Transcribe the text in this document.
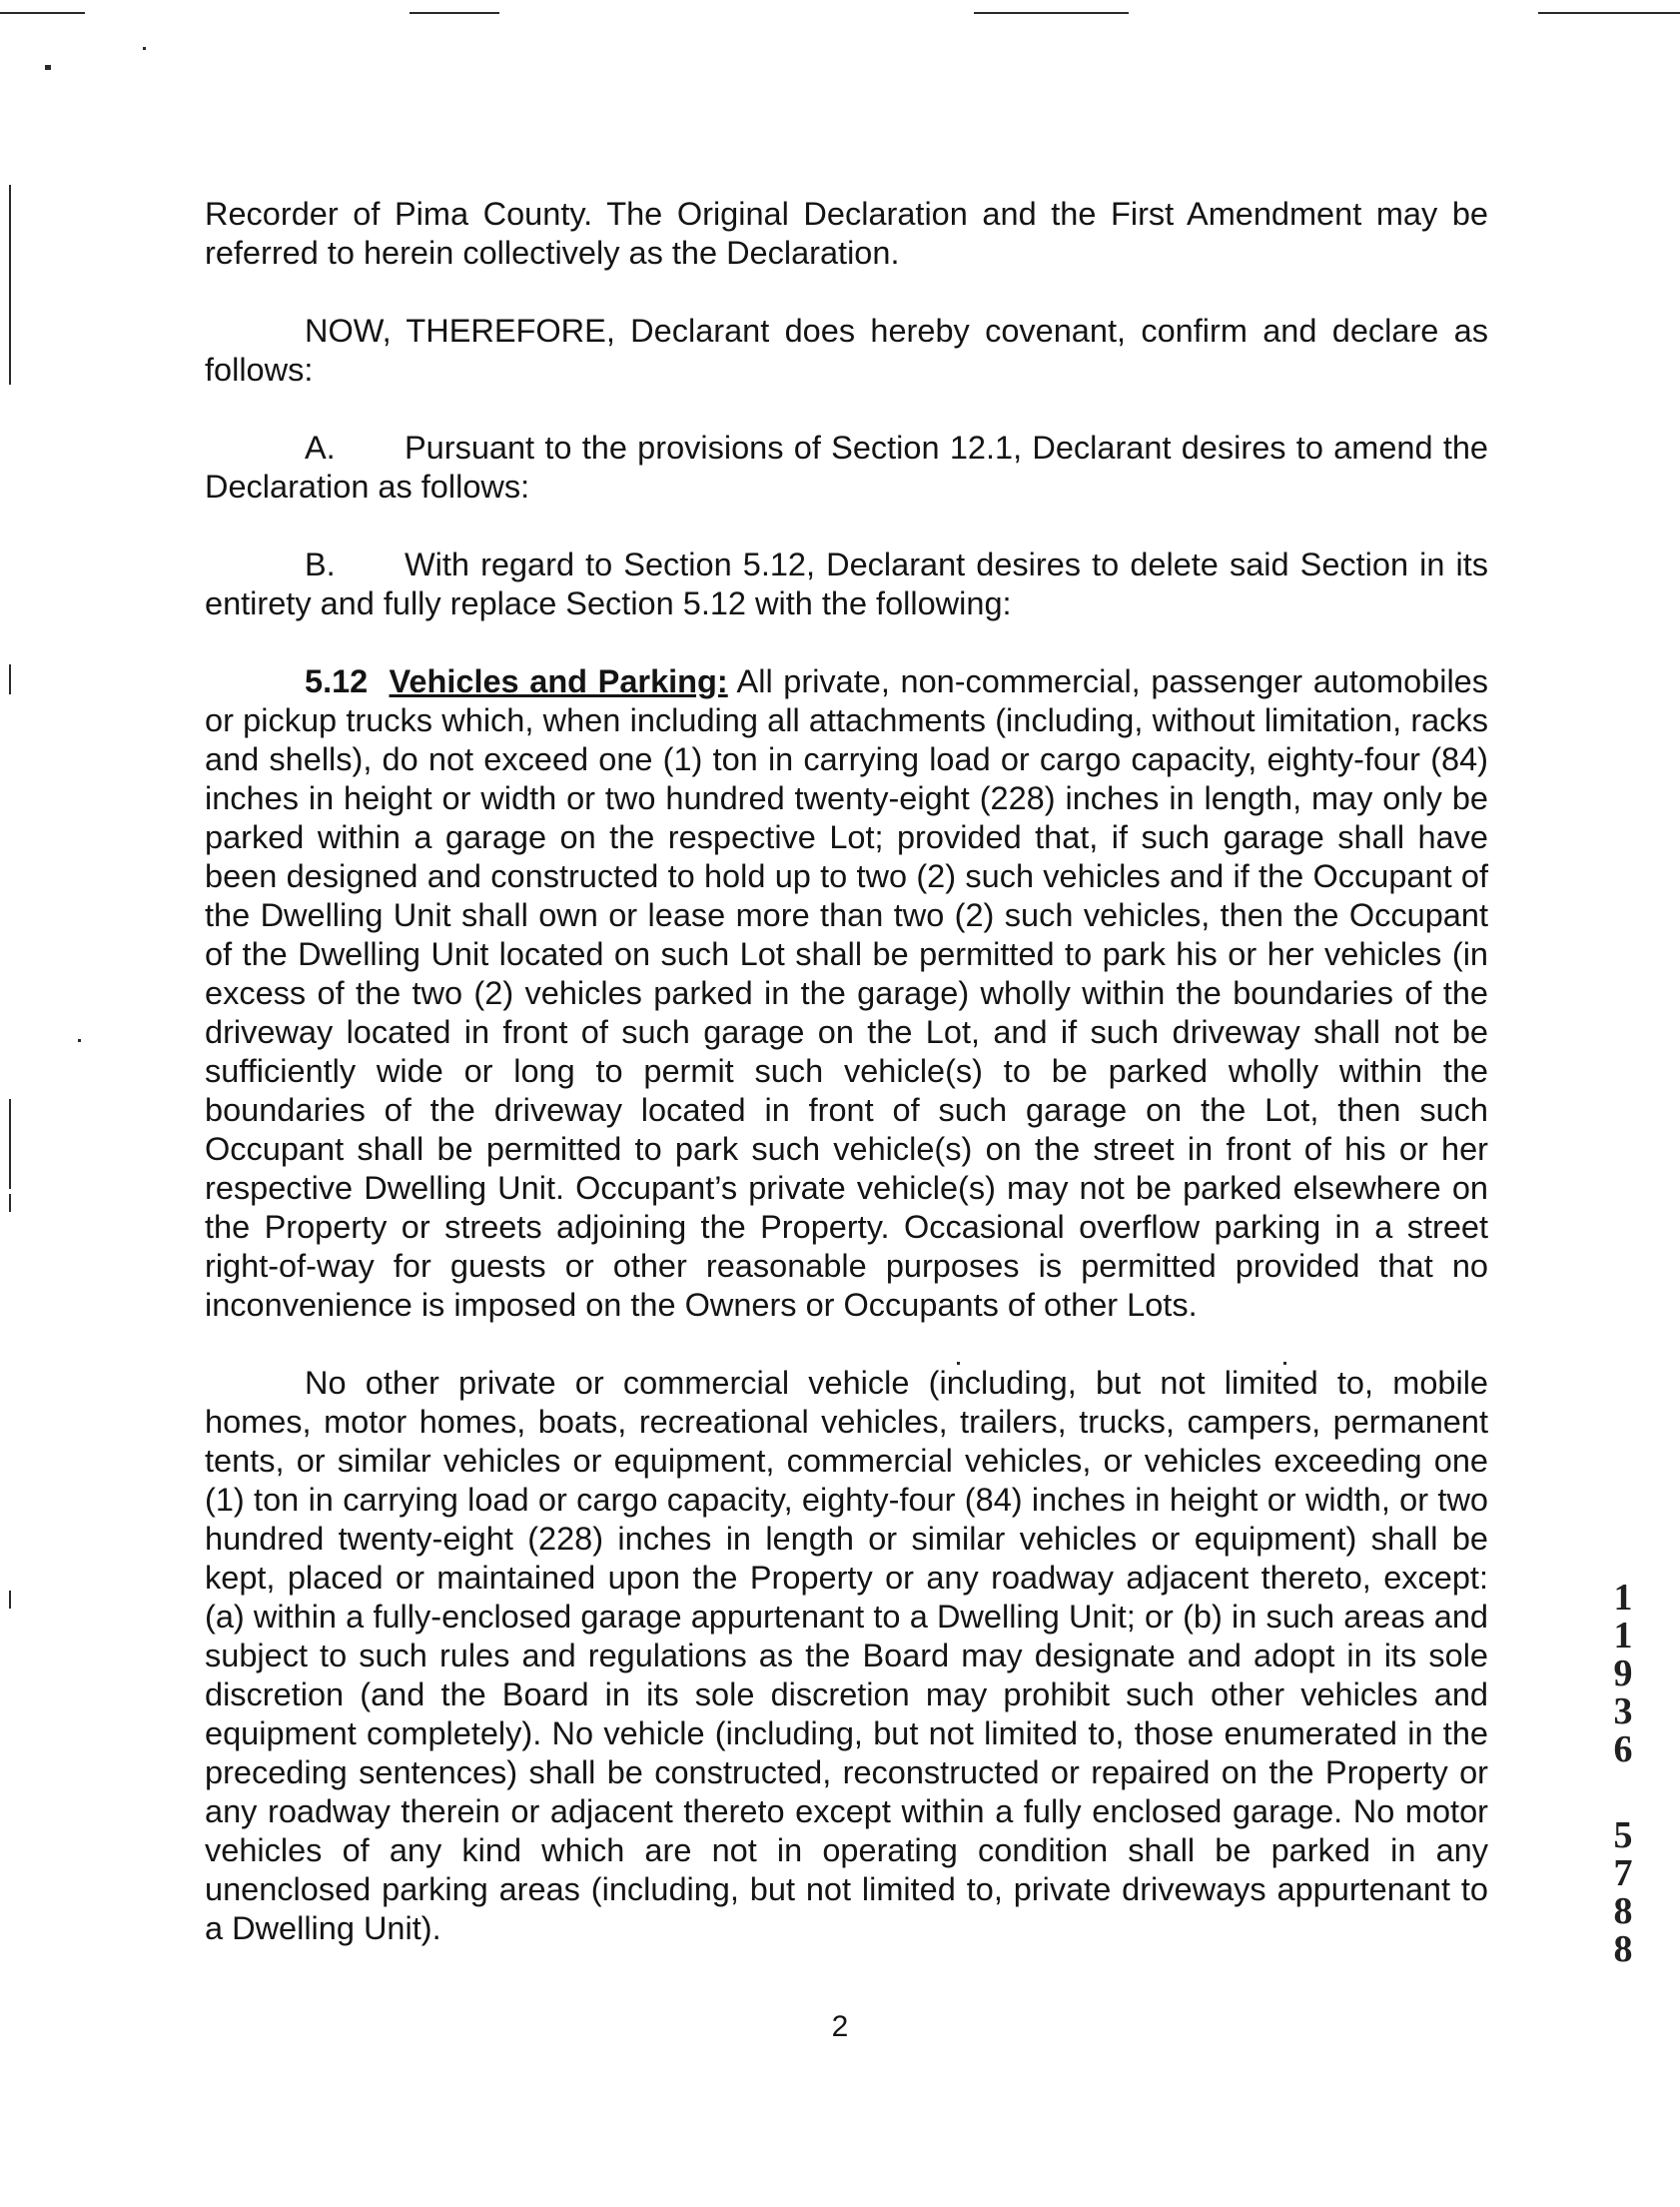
Recorder of Pima County. The Original Declaration and the First Amendment may be referred to herein collectively as the Declaration.

NOW, THEREFORE, Declarant does hereby covenant, confirm and declare as follows:

A. Pursuant to the provisions of Section 12.1, Declarant desires to amend the Declaration as follows:

B. With regard to Section 5.12, Declarant desires to delete said Section in its entirety and fully replace Section 5.12 with the following:

5.12 Vehicles and Parking: All private, non-commercial, passenger automobiles or pickup trucks which, when including all attachments (including, without limitation, racks and shells), do not exceed one (1) ton in carrying load or cargo capacity, eighty-four (84) inches in height or width or two hundred twenty-eight (228) inches in length, may only be parked within a garage on the respective Lot; provided that, if such garage shall have been designed and constructed to hold up to two (2) such vehicles and if the Occupant of the Dwelling Unit shall own or lease more than two (2) such vehicles, then the Occupant of the Dwelling Unit located on such Lot shall be permitted to park his or her vehicles (in excess of the two (2) vehicles parked in the garage) wholly within the boundaries of the driveway located in front of such garage on the Lot, and if such driveway shall not be sufficiently wide or long to permit such vehicle(s) to be parked wholly within the boundaries of the driveway located in front of such garage on the Lot, then such Occupant shall be permitted to park such vehicle(s) on the street in front of his or her respective Dwelling Unit. Occupant’s private vehicle(s) may not be parked elsewhere on the Property or streets adjoining the Property. Occasional overflow parking in a street right-of-way for guests or other reasonable purposes is permitted provided that no inconvenience is imposed on the Owners or Occupants of other Lots.

No other private or commercial vehicle (including, but not limited to, mobile homes, motor homes, boats, recreational vehicles, trailers, trucks, campers, permanent tents, or similar vehicles or equipment, commercial vehicles, or vehicles exceeding one (1) ton in carrying load or cargo capacity, eighty-four (84) inches in height or width, or two hundred twenty-eight (228) inches in length or similar vehicles or equipment) shall be kept, placed or maintained upon the Property or any roadway adjacent thereto, except: (a) within a fully-enclosed garage appurtenant to a Dwelling Unit; or (b) in such areas and subject to such rules and regulations as the Board may designate and adopt in its sole discretion (and the Board in its sole discretion may prohibit such other vehicles and equipment completely). No vehicle (including, but not limited to, those enumerated in the preceding sentences) shall be constructed, reconstructed or repaired on the Property or any roadway therein or adjacent thereto except within a fully enclosed garage. No motor vehicles of any kind which are not in operating condition shall be parked in any unenclosed parking areas (including, but not limited to, private driveways appurtenant to a Dwelling Unit).

2
1
1
9
3
6
5
7
8
8
